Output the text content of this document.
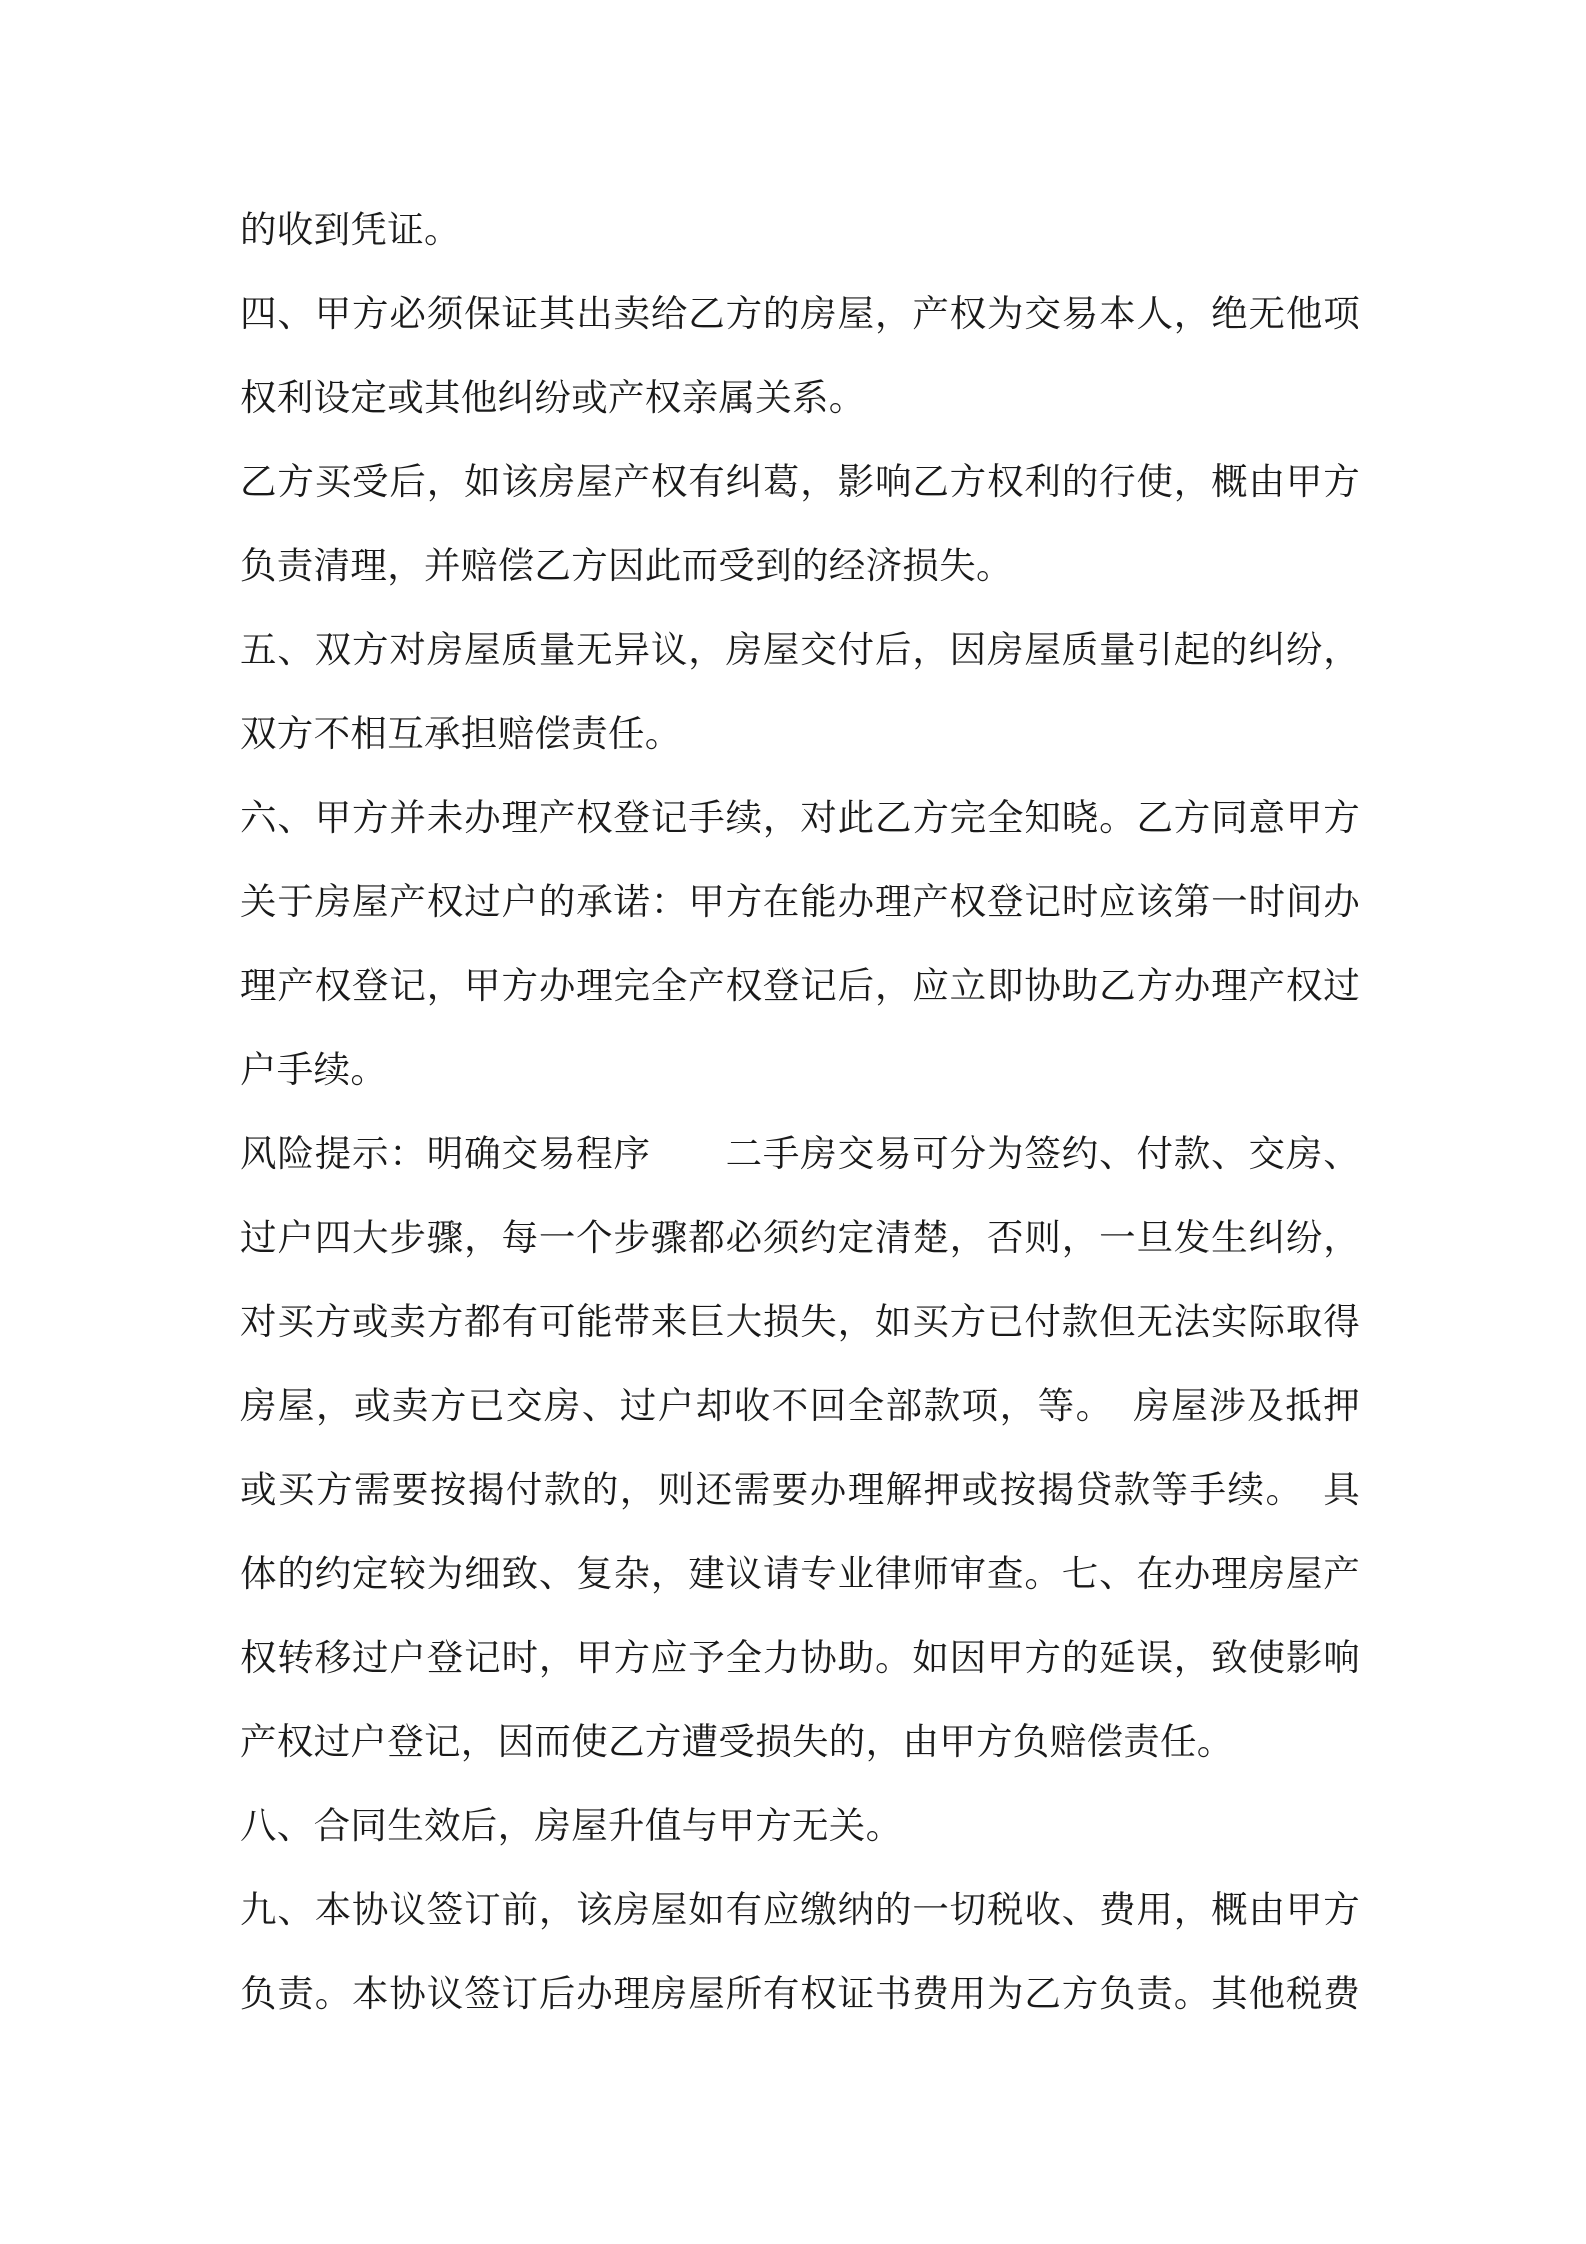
的收到凭证。
四、甲方必须保证其出卖给乙方的房屋，产权为交易本人，绝无他项
权利设定或其他纠纷或产权亲属关系。
乙方买受后，如该房屋产权有纠葛，影响乙方权利的行使，概由甲方
负责清理，并赔偿乙方因此而受到的经济损失。
五、双方对房屋质量无异议，房屋交付后，因房屋质量引起的纠纷，
双方不相互承担赔偿责任。
六、甲方并未办理产权登记手续，对此乙方完全知晓。乙方同意甲方
关于房屋产权过户的承诺：甲方在能办理产权登记时应该第一时间办
理产权登记，甲方办理完全产权登记后，应立即协助乙方办理产权过
户手续。
风险提示：明确交易程序　　二手房交易可分为签约、付款、交房、
过户四大步骤，每一个步骤都必须约定清楚，否则，一旦发生纠纷，
对买方或卖方都有可能带来巨大损失，如买方已付款但无法实际取得
房屋，或卖方已交房、过户却收不回全部款项，等。　房屋涉及抵押
或买方需要按揭付款的，则还需要办理解押或按揭贷款等手续。　具
体的约定较为细致、复杂，建议请专业律师审查。七、在办理房屋产
权转移过户登记时，甲方应予全力协助。如因甲方的延误，致使影响
产权过户登记，因而使乙方遭受损失的，由甲方负赔偿责任。
八、合同生效后，房屋升值与甲方无关。
九、本协议签订前，该房屋如有应缴纳的一切税收、费用，概由甲方
负责。本协议签订后办理房屋所有权证书费用为乙方负责。其他税费
